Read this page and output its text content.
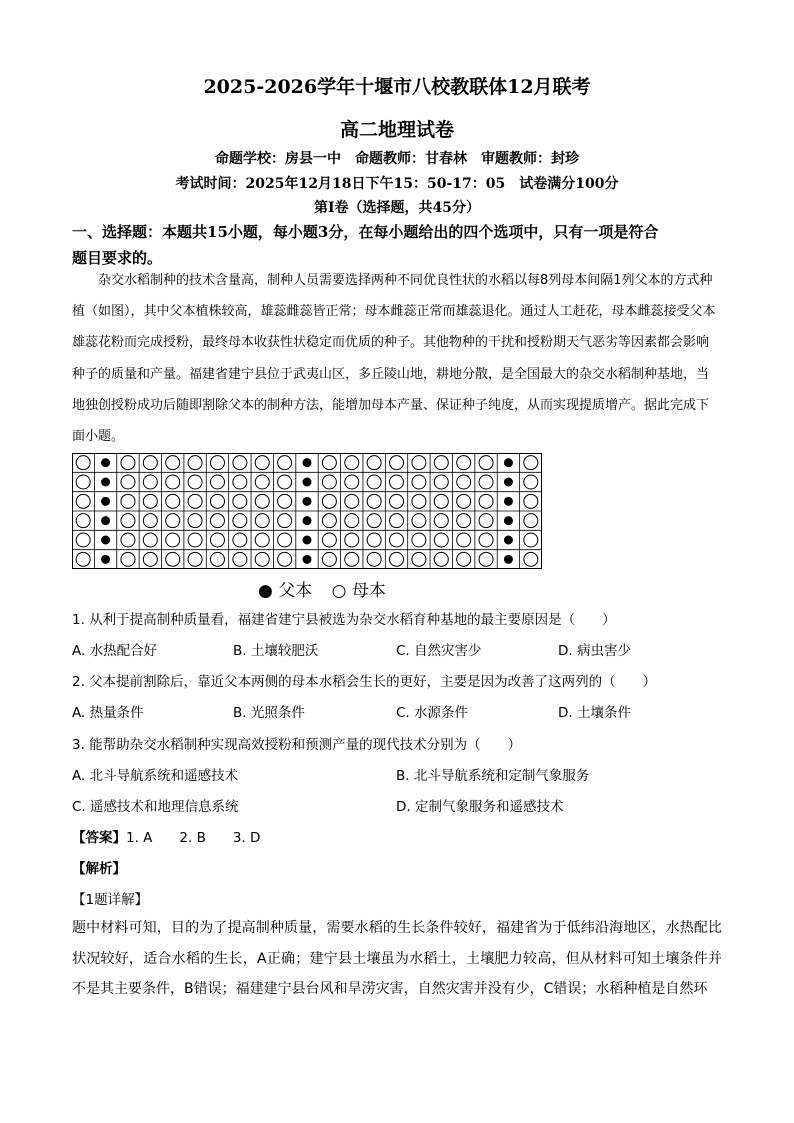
2025-2026学年十堰市八校教联体12月联考
高二地理试卷
命题学校：房县一中　命题教师：甘春林　审题教师：封珍
考试时间：2025年12月18日下午15：50-17：05　试卷满分100分
第Ⅰ卷（选择题，共45分）
一、选择题：本题共15小题，每小题3分，在每小题给出的四个选项中，只有一项是符合
题目要求的。
杂交水稻制种的技术含量高，制种人员需要选择两种不同优良性状的水稻以每8列母本间隔1列父本的方式种植（如图），其中父本植株较高，雄蕊雌蕊皆正常；母本雌蕊正常而雄蕊退化。通过人工赶花，母本雌蕊接受父本雄蕊花粉而完成授粉，最终母本收获性状稳定而优质的种子。其他物种的干扰和授粉期天气恶劣等因素都会影响种子的质量和产量。福建省建宁县位于武夷山区，多丘陵山地，耕地分散，是全国最大的杂交水稻制种基地，当地独创授粉成功后随即割除父本的制种方法，能增加母本产量、保证种子纯度，从而实现提质增产。据此完成下面小题。
● 父本 ○ 母本
1. 从利于提高制种质量看，福建省建宁县被选为杂交水稻育种基地的最主要原因是（　　）
A. 水热配合好	B. 土壤较肥沃	C. 自然灾害少	D. 病虫害少
2. 父本提前割除后，靠近父本两侧的母本水稻会生长的更好，主要是因为改善了这两列的（　　）
A. 热量条件	B. 光照条件	C. 水源条件	D. 土壤条件
3. 能帮助杂交水稻制种实现高效授粉和预测产量的现代技术分别为（　　）
A. 北斗导航系统和遥感技术	B. 北斗导航系统和定制气象服务
C. 遥感技术和地理信息系统	D. 定制气象服务和遥感技术
【答案】1. A　　2. B　　3. D
【解析】
【1题详解】
题中材料可知，目的为了提高制种质量，需要水稻的生长条件较好，福建省为于低纬沿海地区，水热配比状况较好，适合水稻的生长，A正确；建宁县土壤虽为水稻土，土壤肥力较高，但从材料可知土壤条件并不是其主要条件，B错误；福建建宁县台风和旱涝灾害，自然灾害并没有少，C错误；水稻种植是自然环
